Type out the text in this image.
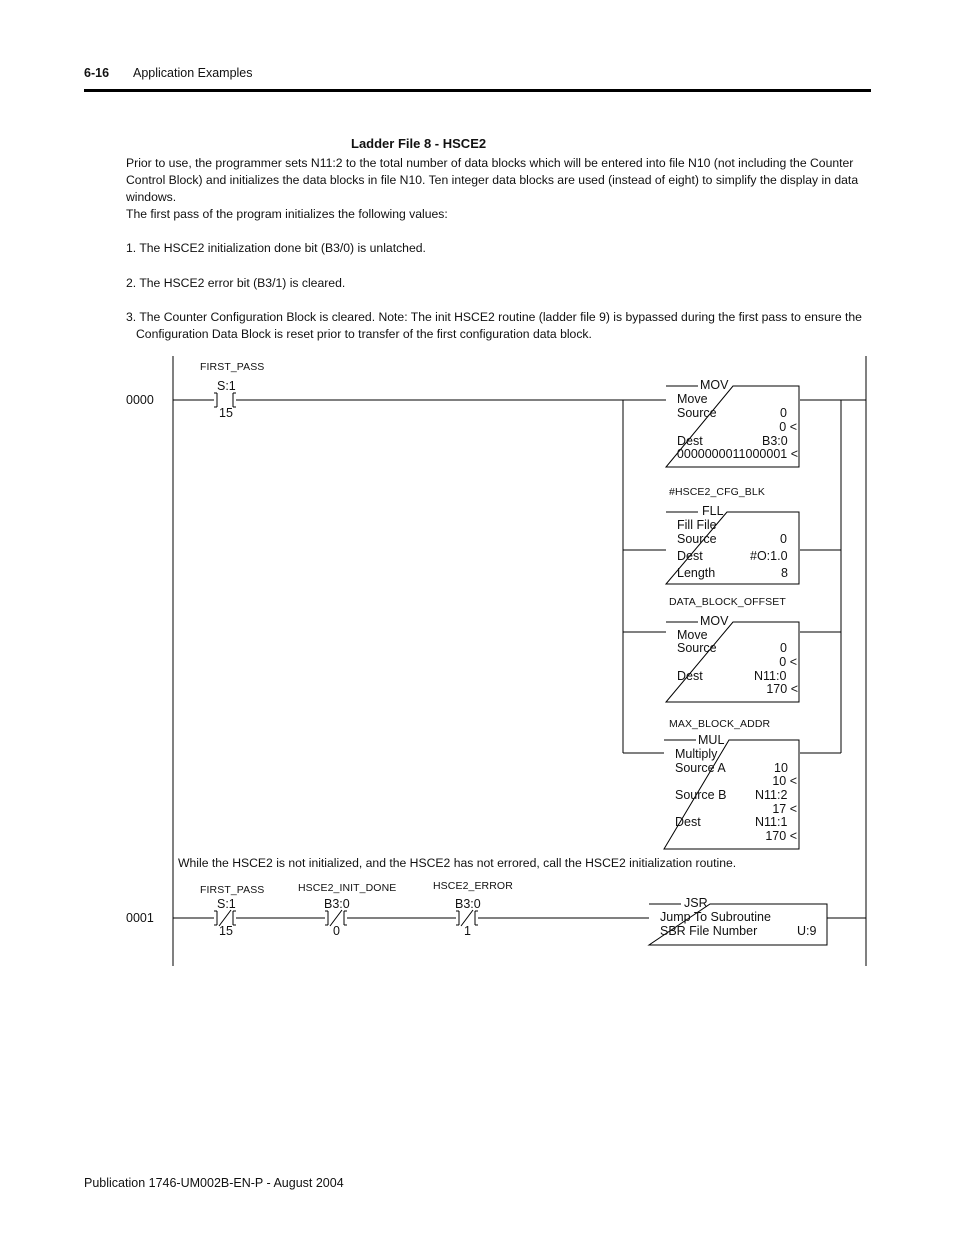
6-16 Application Examples
Ladder File 8 - HSCE2
Prior to use, the programmer sets N11:2 to the total number of data blocks which will be entered into file N10 (not including the Counter Control Block) and initializes the data blocks in file N10. Ten integer data blocks are used (instead of eight) to simplify the display in data windows.
The first pass of the program initializes the following values:
1. The HSCE2 initialization done bit (B3/0) is unlatched.
2. The HSCE2 error bit (B3/1) is cleared.
3. The Counter Configuration Block is cleared. Note: The init HSCE2 routine (ladder file 9) is bypassed during the first pass to ensure the Configuration Data Block is reset prior to transfer of the first configuration data block.
0000
FIRST_PASS
S:1
15
MOV
Move
Source	0
0 <
Dest	B3:0
0000000011000001 <
#HSCE2_CFG_BLK
FLL
Fill File
Source	0
Dest	#O:1.0
Length	8
DATA_BLOCK_OFFSET
MOV
Move
Source	0
0 <
Dest	N11:0
170 <
MAX_BLOCK_ADDR
MUL
Multiply
Source A	10
10 <
Source B N11:2
17 <
Dest	N11:1
170 <
While the HSCE2 is not initialized, and the HSCE2 has not errored, call the HSCE2 initialization routine.
0001
FIRST_PASS
S:1
15
HSCE2_INIT_DONE
B3:0
0
HSCE2_ERROR
B3:0
1
JSR
Jump To Subroutine
SBR File Number	U:9
Publication 1746-UM002B-EN-P - August 2004
